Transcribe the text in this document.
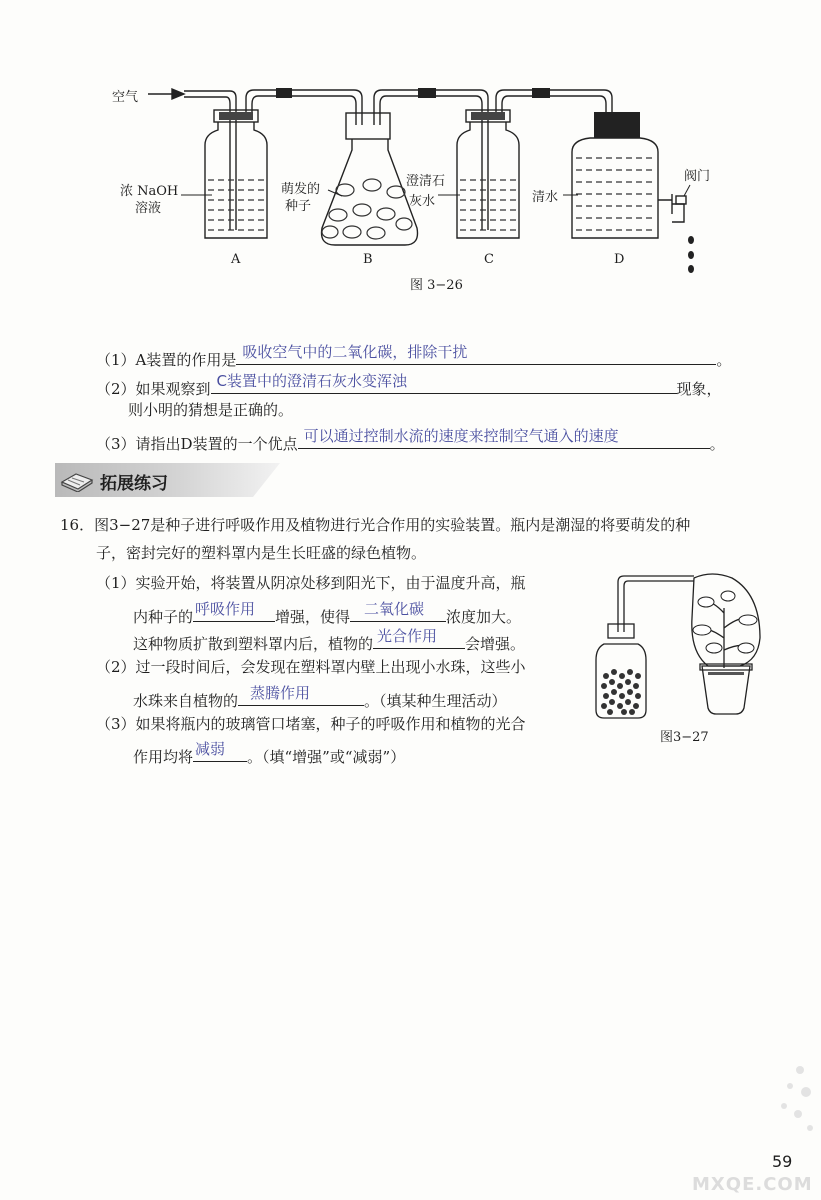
空气
浓 NaOH
溶液
萌发的
种子
澄清石
灰水	清水
阀门
A	B	C	D
图 3−26
（1）A装置的作用是 吸收空气中的二氧化碳，排除干扰	。
（2）如果观察到 C装置中的澄清石灰水变浑浊	现象，
则小明的猜想是正确的。
（3）请指出D装置的一个优点 可以通过控制水流的速度来控制空气通入的速度	。
拓展练习
16．图3−27是种子进行呼吸作用及植物进行光合作用的实验装置。瓶内是潮湿的将要萌发的种
子，密封完好的塑料罩内是生长旺盛的绿色植物。
（1）实验开始，将装置从阴凉处移到阳光下，由于温度升高，瓶
内种子的 呼吸作用 增强，使得 二氧化碳 浓度加大。
这种物质扩散到塑料罩内后，植物的 光合作用 会增强。
（2）过一段时间后，会发现在塑料罩内壁上出现小水珠，这些小
水珠来自植物的 蒸腾作用	。（填某种生理活动）
（3）如果将瓶内的玻璃管口堵塞，种子的呼吸作用和植物的光合
作用均将 减弱 。（填“增强”或“减弱”）
图3−27
59
MXQE.COM
